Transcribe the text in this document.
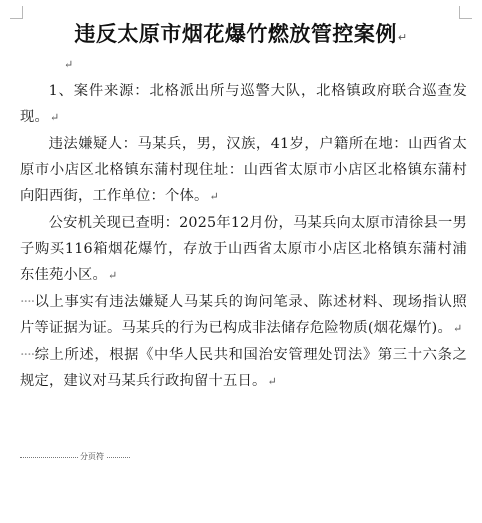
违反太原市烟花爆竹燃放管控案例↵
↵

1、案件来源：北格派出所与巡警大队，北格镇政府联合巡查发现。↵

违法嫌疑人：马某兵，男，汉族，41岁，户籍所在地：山西省太原市小店区北格镇东蒲村现住址：山西省太原市小店区北格镇东蒲村向阳西街，工作单位：个体。↵

公安机关现已查明：2025年12月份，马某兵向太原市清徐县一男子购买116箱烟花爆竹，存放于山西省太原市小店区北格镇东蒲村浦东佳苑小区。↵

····以上事实有违法嫌疑人马某兵的询问笔录、陈述材料、现场指认照片等证据为证。马某兵的行为已构成非法储存危险物质(烟花爆竹)。↵

····综上所述，根据《中华人民共和国治安管理处罚法》第三十六条之规定，建议对马某兵行政拘留十五日。↵

分页符
